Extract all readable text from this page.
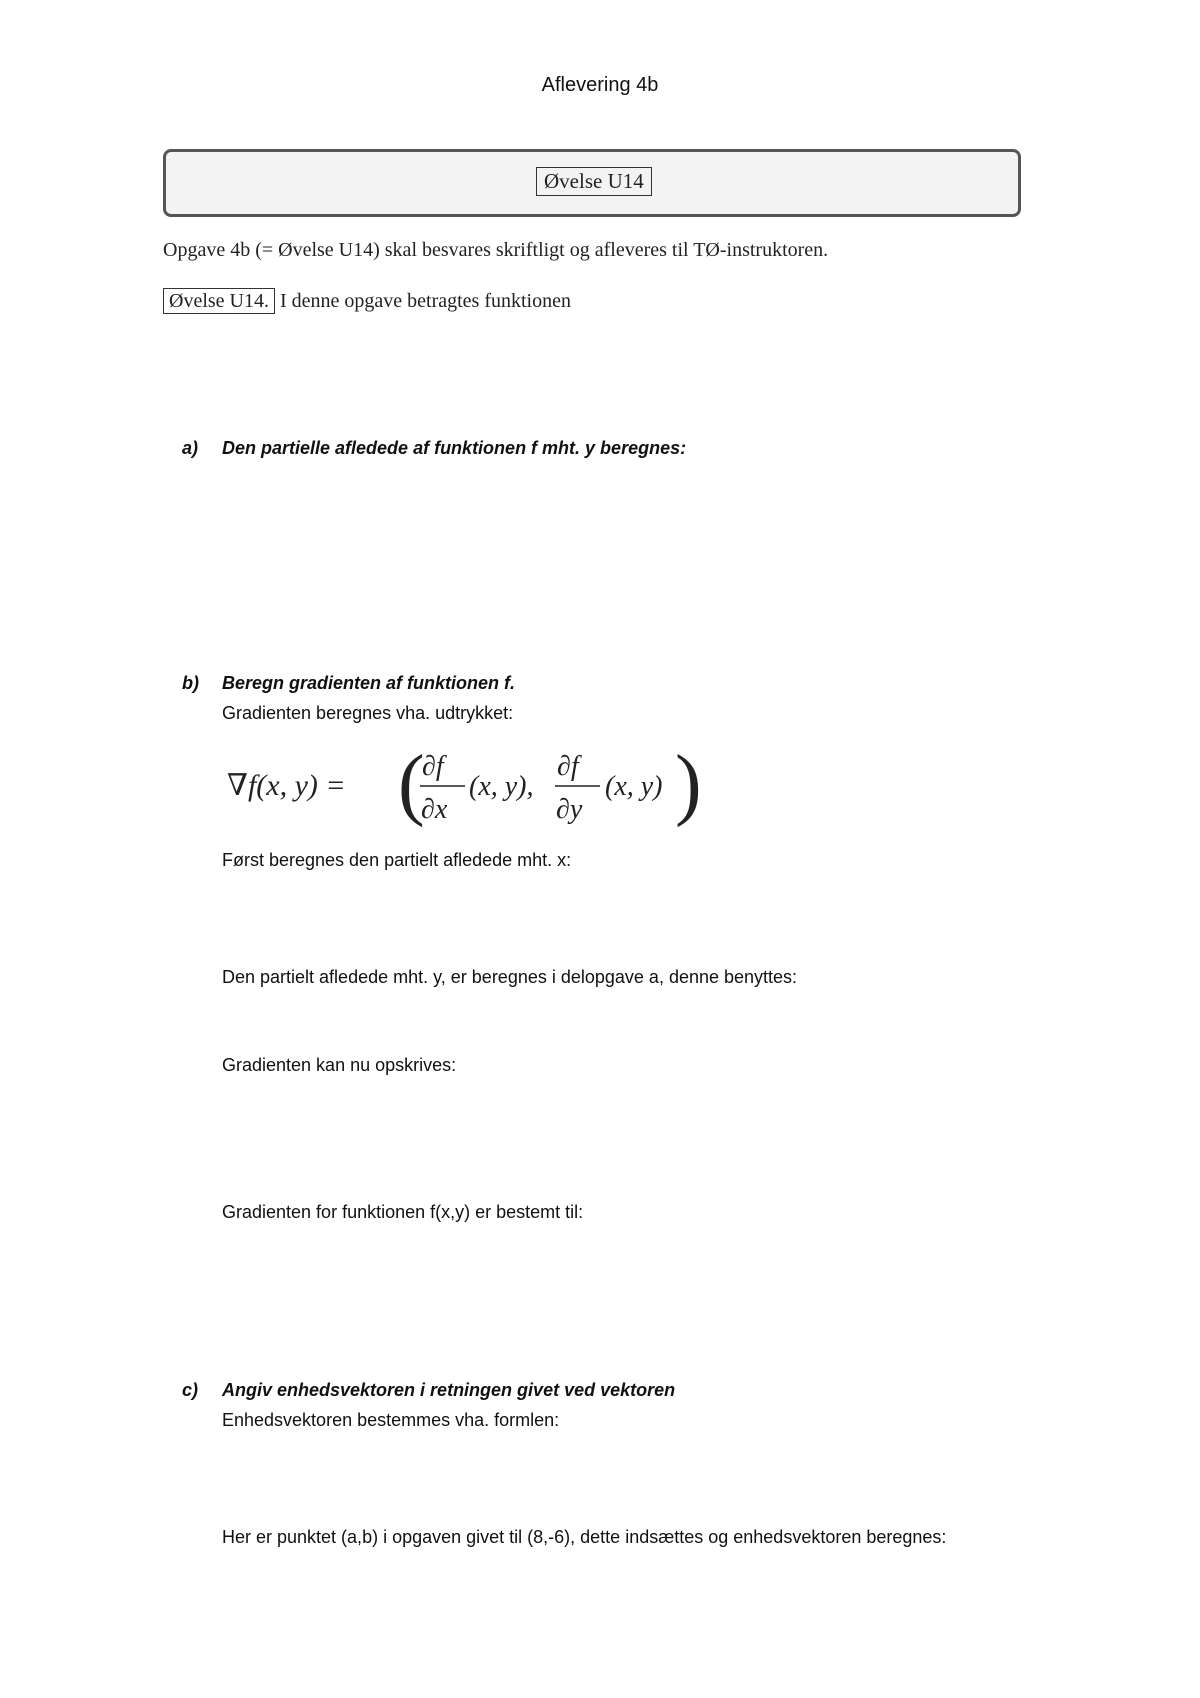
Aflevering 4b
Øvelse U14
Opgave 4b (= Øvelse U14) skal besvares skriftligt og afleveres til TØ-instruktoren.
Øvelse U14. I denne opgave betragtes funktionen
a) Den partielle afledede af funktionen f mht. y beregnes:
b) Beregn gradienten af funktionen f.
Gradienten beregnes vha. udtrykket:
∇f(x, y) = (
∂f
∂x
(x, y),
∂f
∂y
(x, y) )
Først beregnes den partielt afledede mht. x:
Den partielt afledede mht. y, er beregnes i delopgave a, denne benyttes:
Gradienten kan nu opskrives:
Gradienten for funktionen f(x,y) er bestemt til:
c) Angiv enhedsvektoren i retningen givet ved vektoren
Enhedsvektoren bestemmes vha. formlen:
Her er punktet (a,b) i opgaven givet til (8,-6), dette indsættes og enhedsvektoren beregnes:
